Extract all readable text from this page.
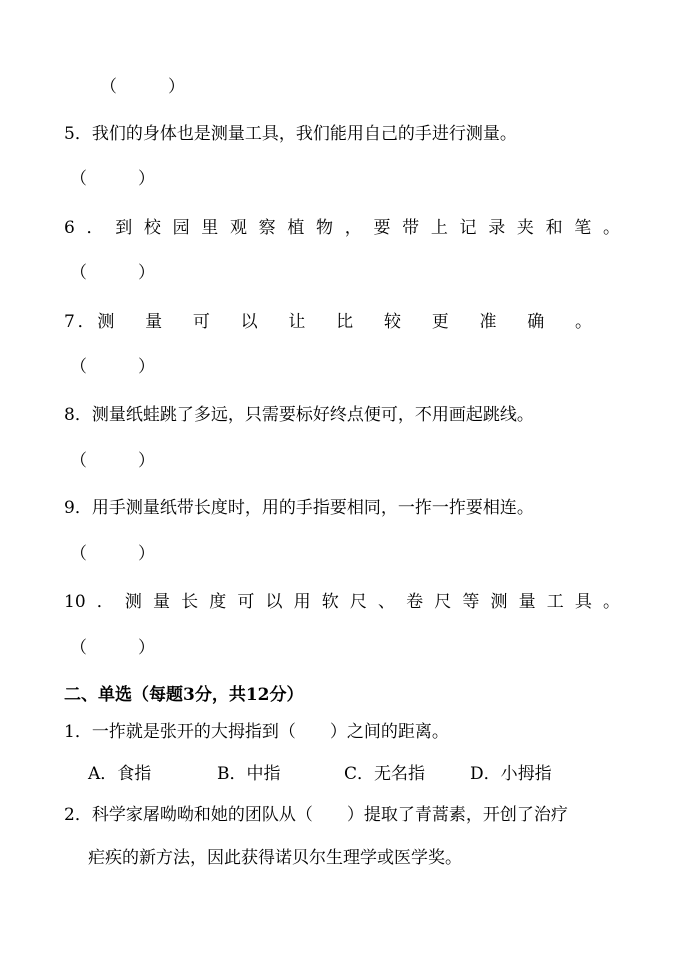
（　　　）
5．我们的身体也是测量工具，我们能用自己的手进行测量。
（　　　）
6．到校园里观察植物，要带上记录夹和笔。
（　　　）
7．测量可以让比较更准确。
（　　　）
8．测量纸蛙跳了多远，只需要标好终点便可，不用画起跳线。
（　　　）
9．用手测量纸带长度时，用的手指要相同，一拃一拃要相连。
（　　　）
10．测量长度可以用软尺、卷尺等测量工具。
（　　　）
二、单选（每题3分，共12分）
1．一拃就是张开的大拇指到（　　）之间的距离。
A．食指	B．中指	C．无名指	D．小拇指
2．科学家屠呦呦和她的团队从（　　）提取了青蒿素，开创了治疗
疟疾的新方法，因此获得诺贝尔生理学或医学奖。
